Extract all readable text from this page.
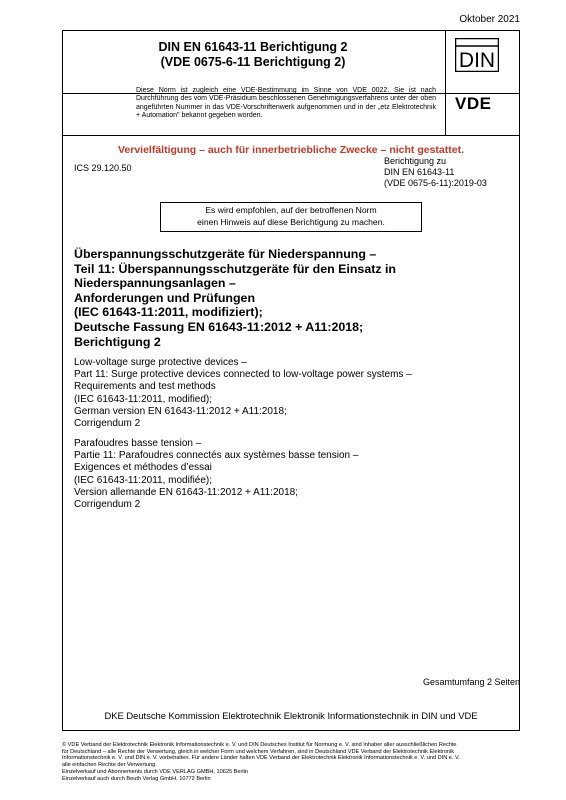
Oktober 2021
DIN EN 61643-11 Berichtigung 2
(VDE 0675-6-11 Berichtigung 2)	DIN
VDE
Diese Norm ist zugleich eine VDE-Bestimmung im Sinne von VDE 0022. Sie ist nach Durchführung des vom VDE-Präsidium beschlossenen Genehmigungsverfahrens unter der oben angeführten Nummer in das VDE-Vorschriftenwerk aufgenommen und in der „etz Elektrotechnik + Automation" bekannt gegeben worden.
Vervielfältigung – auch für innerbetriebliche Zwecke – nicht gestattet.
ICS 29.120.50
Berichtigung zu
DIN EN 61643-11
(VDE 0675-6-11):2019-03
Es wird empfohlen, auf der betroffenen Norm
einen Hinweis auf diese Berichtigung zu machen.
Überspannungsschutzgeräte für Niederspannung –
Teil 11: Überspannungsschutzgeräte für den Einsatz in
Niederspannungsanlagen –
Anforderungen und Prüfungen
(IEC 61643-11:2011, modifiziert);
Deutsche Fassung EN 61643-11:2012 + A11:2018;
Berichtigung 2
Low-voltage surge protective devices –
Part 11: Surge protective devices connected to low-voltage power systems –
Requirements and test methods
(IEC 61643-11:2011, modified);
German version EN 61643-11:2012 + A11:2018;
Corrigendum 2
Parafoudres basse tension –
Partie 11: Parafoudres connectés aux systèmes basse tension –
Exigences et méthodes d’essai
(IEC 61643-11:2011, modifiée);
Version allemande EN 61643-11:2012 + A11:2018;
Corrigendum 2
Gesamtumfang 2 Seiten
DKE Deutsche Kommission Elektrotechnik Elektronik Informationstechnik in DIN und VDE
© VDE Verband der Elektrotechnik Elektronik Informationstechnik e. V. und DIN Deutsches Institut für Normung e. V. sind Inhaber aller ausschließlichen Rechte
für Deutschland – alle Rechte der Verwertung, gleich in welcher Form und welchem Verfahren, sind in Deutschland VDE Verband der Elektrotechnik Elektronik
Informationstechnik e. V. und DIN e. V. vorbehalten. Für andere Länder halten VDE Verband der Elektrotechnik Elektronik Informationstechnik e. V. und DIN e. V.
alle einfachen Rechte der Verwertung.
Einzelverkauf und Abonnements durch VDE VERLAG GMBH, 10625 Berlin
Einzelverkauf auch durch Beuth Verlag GmbH, 10772 Berlin
